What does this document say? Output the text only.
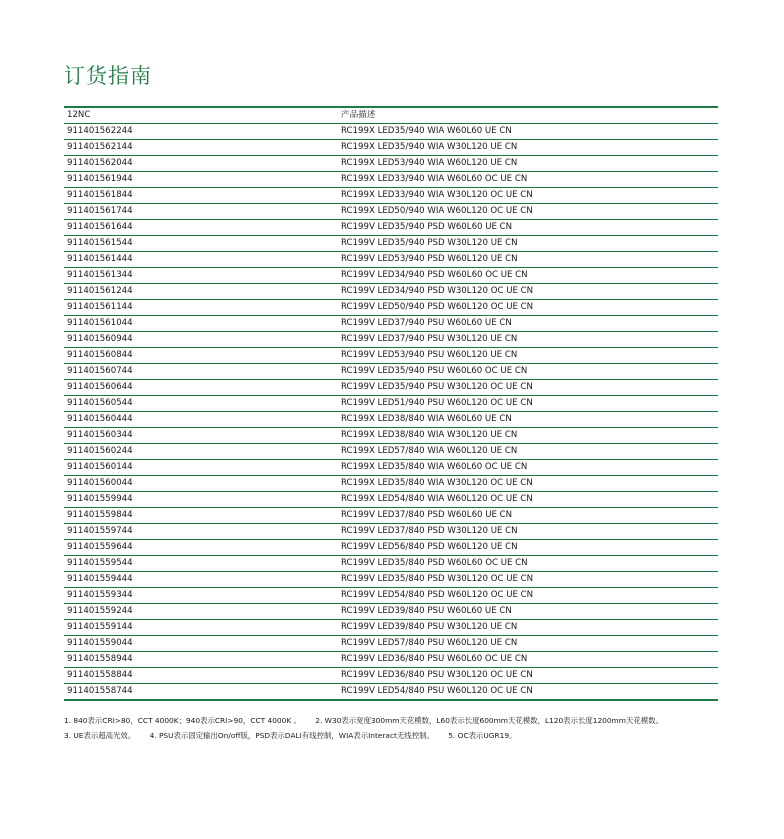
订货指南
12NC	产品描述
911401562244	RC199X LED35/940 WIA W60L60 UE CN
911401562144	RC199X LED35/940 WIA W30L120 UE CN
911401562044	RC199X LED53/940 WIA W60L120 UE CN
911401561944	RC199X LED33/940 WIA W60L60 OC UE CN
911401561844	RC199X LED33/940 WIA W30L120 OC UE CN
911401561744	RC199X LED50/940 WIA W60L120 OC UE CN
911401561644	RC199V LED35/940 PSD W60L60 UE CN
911401561544	RC199V LED35/940 PSD W30L120 UE CN
911401561444	RC199V LED53/940 PSD W60L120 UE CN
911401561344	RC199V LED34/940 PSD W60L60 OC UE CN
911401561244	RC199V LED34/940 PSD W30L120 OC UE CN
911401561144	RC199V LED50/940 PSD W60L120 OC UE CN
911401561044	RC199V LED37/940 PSU W60L60 UE CN
911401560944	RC199V LED37/940 PSU W30L120 UE CN
911401560844	RC199V LED53/940 PSU W60L120 UE CN
911401560744	RC199V LED35/940 PSU W60L60 OC UE CN
911401560644	RC199V LED35/940 PSU W30L120 OC UE CN
911401560544	RC199V LED51/940 PSU W60L120 OC UE CN
911401560444	RC199X LED38/840 WIA W60L60 UE CN
911401560344	RC199X LED38/840 WIA W30L120 UE CN
911401560244	RC199X LED57/840 WIA W60L120 UE CN
911401560144	RC199X LED35/840 WIA W60L60 OC UE CN
911401560044	RC199X LED35/840 WIA W30L120 OC UE CN
911401559944	RC199X LED54/840 WIA W60L120 OC UE CN
911401559844	RC199V LED37/840 PSD W60L60 UE CN
911401559744	RC199V LED37/840 PSD W30L120 UE CN
911401559644	RC199V LED56/840 PSD W60L120 UE CN
911401559544	RC199V LED35/840 PSD W60L60 OC UE CN
911401559444	RC199V LED35/840 PSD W30L120 OC UE CN
911401559344	RC199V LED54/840 PSD W60L120 OC UE CN
911401559244	RC199V LED39/840 PSU W60L60 UE CN
911401559144	RC199V LED39/840 PSU W30L120 UE CN
911401559044	RC199V LED57/840 PSU W60L120 UE CN
911401558944	RC199V LED36/840 PSU W60L60 OC UE CN
911401558844	RC199V LED36/840 PSU W30L120 OC UE CN
911401558744	RC199V LED54/840 PSU W60L120 OC UE CN
1. 840表示CRI>80，CCT 4000K；940表示CRI>90，CCT 4000K 。 2. W30表示宽度300mm天花模数，L60表示长度600mm天花模数，L120表示长度1200mm天花模数。
3. UE表示超高光效。 4. PSU表示固定输出On/off版，PSD表示DALI有线控制，WIA表示Interact无线控制。 5. OC表示UGR19。
